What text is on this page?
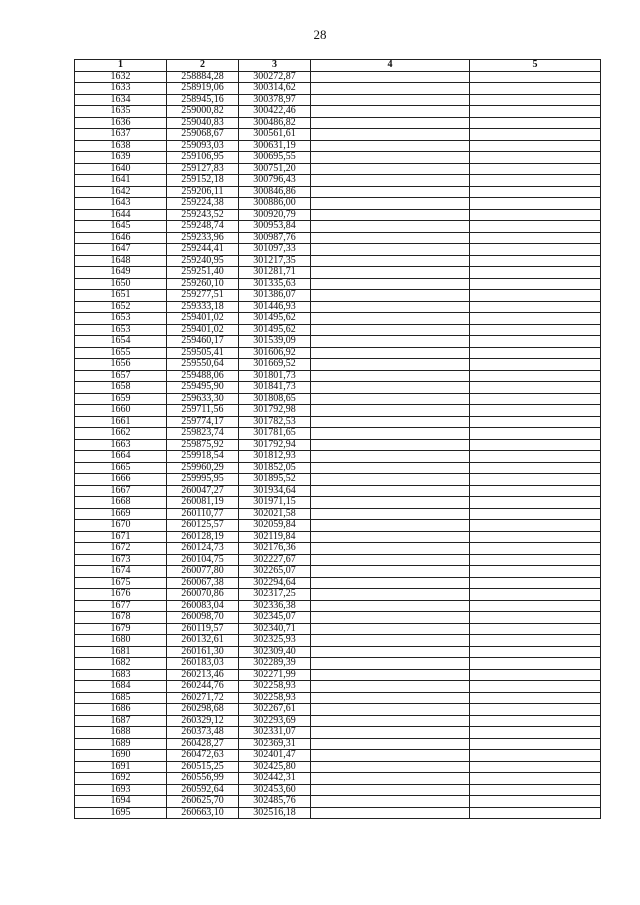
28
1	2	3	4	5
1632	258884,28	300272,87		
1633	258919,06	300314,62		
1634	258945,16	300378,97		
1635	259000,82	300422,46		
1636	259040,83	300486,82		
1637	259068,67	300561,61		
1638	259093,03	300631,19		
1639	259106,95	300695,55		
1640	259127,83	300751,20		
1641	259152,18	300796,43		
1642	259206,11	300846,86		
1643	259224,38	300886,00		
1644	259243,52	300920,79		
1645	259248,74	300953,84		
1646	259233,96	300987,76		
1647	259244,41	301097,33		
1648	259240,95	301217,35		
1649	259251,40	301281,71		
1650	259260,10	301335,63		
1651	259277,51	301386,07		
1652	259333,18	301446,93		
1653	259401,02	301495,62		
1653	259401,02	301495,62		
1654	259460,17	301539,09		
1655	259505,41	301606,92		
1656	259550,64	301669,52		
1657	259488,06	301801,73		
1658	259495,90	301841,73		
1659	259633,30	301808,65		
1660	259711,56	301792,98		
1661	259774,17	301782,53		
1662	259823,74	301781,65		
1663	259875,92	301792,94		
1664	259918,54	301812,93		
1665	259960,29	301852,05		
1666	259995,95	301895,52		
1667	260047,27	301934,64		
1668	260081,19	301971,15		
1669	260110,77	302021,58		
1670	260125,57	302059,84		
1671	260128,19	302119,84		
1672	260124,73	302176,36		
1673	260104,75	302227,67		
1674	260077,80	302265,07		
1675	260067,38	302294,64		
1676	260070,86	302317,25		
1677	260083,04	302336,38		
1678	260098,70	302345,07		
1679	260119,57	302340,71		
1680	260132,61	302325,93		
1681	260161,30	302309,40		
1682	260183,03	302289,39		
1683	260213,46	302271,99		
1684	260244,76	302258,93		
1685	260271,72	302258,93		
1686	260298,68	302267,61		
1687	260329,12	302293,69		
1688	260373,48	302331,07		
1689	260428,27	302369,31		
1690	260472,63	302401,47		
1691	260515,25	302425,80		
1692	260556,99	302442,31		
1693	260592,64	302453,60		
1694	260625,70	302485,76		
1695	260663,10	302516,18		
